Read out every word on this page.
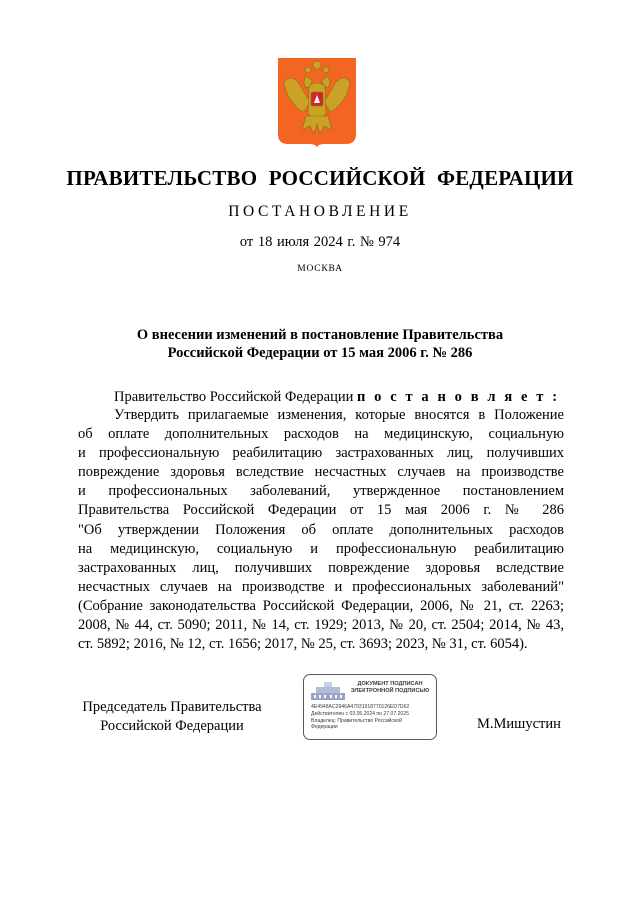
ПРАВИТЕЛЬСТВО РОССИЙСКОЙ ФЕДЕРАЦИИ
ПОСТАНОВЛЕНИЕ
от 18 июля 2024 г. № 974
МОСКВА
О внесении изменений в постановление Правительства
Российской Федерации от 15 мая 2006 г. № 286
Правительство Российской Федерации п о с т а н о в л я е т :
Утвердить прилагаемые изменения, которые вносятся в Положение
об оплате дополнительных расходов на медицинскую, социальную
и профессиональную реабилитацию застрахованных лиц, получивших
повреждение здоровья вследствие несчастных случаев на производстве
и профессиональных заболеваний, утвержденное постановлением
Правительства Российской Федерации от 15 мая 2006 г. № 286
"Об утверждении Положения об оплате дополнительных расходов
на медицинскую, социальную и профессиональную реабилитацию
застрахованных лиц, получивших повреждение здоровья вследствие
несчастных случаев на производстве и профессиональных заболеваний"
(Собрание законодательства Российской Федерации, 2006, № 21, ст. 2263;
2008, № 44, ст. 5090; 2011, № 14, ст. 1929; 2013, № 20, ст. 2504; 2014, № 43,
ст. 5892; 2016, № 12, ст. 1656; 2017, № 25, ст. 3693; 2023, № 31, ст. 6054).
Председатель Правительства
Российской Федерации
ДОКУМЕНТ ПОДПИСАН
ЭЛЕКТРОННОЙ ПОДПИСЬЮ
4E4948AC2946A47931918770126ED7D62
Действителен с 03.05.2024 по 27.07.2025
Владелец: Правительство Российской
Федерации	М.Мишустин
